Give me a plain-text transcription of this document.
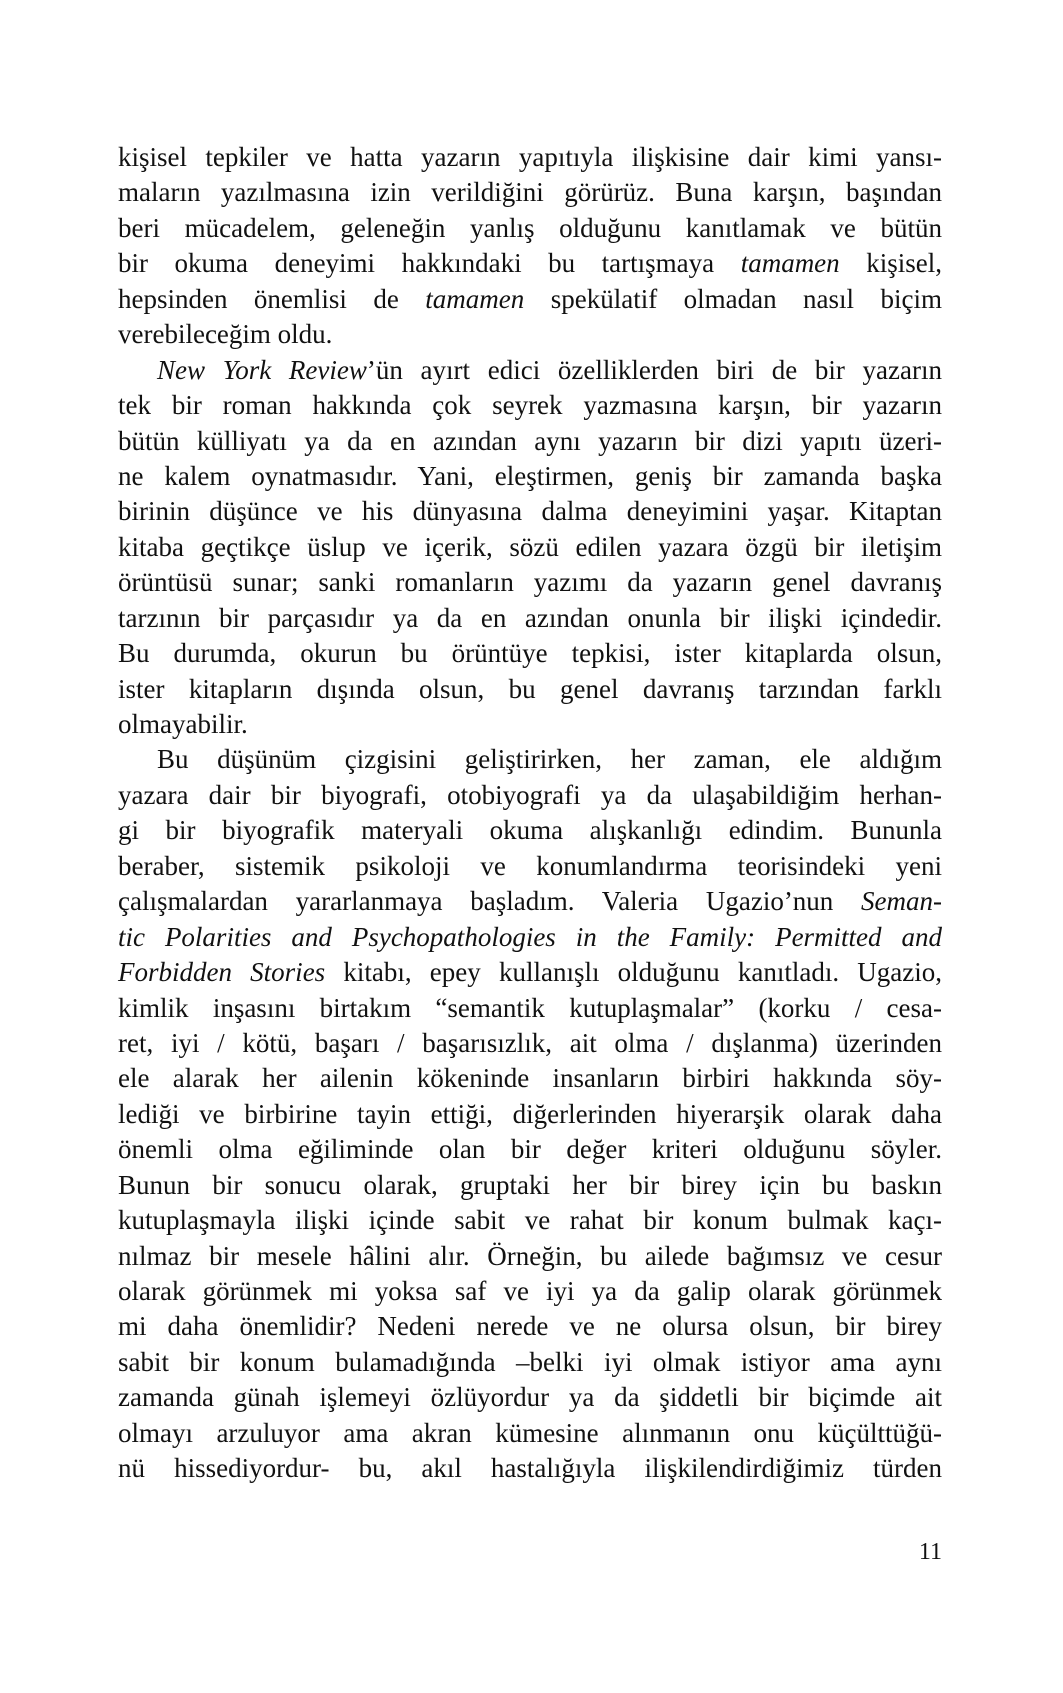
kişisel tepkiler ve hatta yazarın yapıtıyla ilişkisine dair kimi yansı-
maların yazılmasına izin verildiğini görürüz. Buna karşın, başından
beri mücadelem, geleneğin yanlış olduğunu kanıtlamak ve bütün
bir okuma deneyimi hakkındaki bu tartışmaya tamamen kişisel,
hepsinden önemlisi de tamamen spekülatif olmadan nasıl biçim
verebileceğim oldu.
New York Review’ün ayırt edici özelliklerden biri de bir yazarın
tek bir roman hakkında çok seyrek yazmasına karşın, bir yazarın
bütün külliyatı ya da en azından aynı yazarın bir dizi yapıtı üzeri-
ne kalem oynatmasıdır. Yani, eleştirmen, geniş bir zamanda başka
birinin düşünce ve his dünyasına dalma deneyimini yaşar. Kitaptan
kitaba geçtikçe üslup ve içerik, sözü edilen yazara özgü bir iletişim
örüntüsü sunar; sanki romanların yazımı da yazarın genel davranış
tarzının bir parçasıdır ya da en azından onunla bir ilişki içindedir.
Bu durumda, okurun bu örüntüye tepkisi, ister kitaplarda olsun,
ister kitapların dışında olsun, bu genel davranış tarzından farklı
olmayabilir.
Bu düşünüm çizgisini geliştirirken, her zaman, ele aldığım
yazara dair bir biyografi, otobiyografi ya da ulaşabildiğim herhan-
gi bir biyografik materyali okuma alışkanlığı edindim. Bununla
beraber, sistemik psikoloji ve konumlandırma teorisindeki yeni
çalışmalardan yararlanmaya başladım. Valeria Ugazio’nun Seman-
tic Polarities and Psychopathologies in the Family: Permitted and
Forbidden Stories kitabı, epey kullanışlı olduğunu kanıtladı. Ugazio,
kimlik inşasını birtakım “semantik kutuplaşmalar” (korku / cesa-
ret, iyi / kötü, başarı / başarısızlık, ait olma / dışlanma) üzerinden
ele alarak her ailenin kökeninde insanların birbiri hakkında söy-
lediği ve birbirine tayin ettiği, diğerlerinden hiyerarşik olarak daha
önemli olma eğiliminde olan bir değer kriteri olduğunu söyler.
Bunun bir sonucu olarak, gruptaki her bir birey için bu baskın
kutuplaşmayla ilişki içinde sabit ve rahat bir konum bulmak kaçı-
nılmaz bir mesele hâlini alır. Örneğin, bu ailede bağımsız ve cesur
olarak görünmek mi yoksa saf ve iyi ya da galip olarak görünmek
mi daha önemlidir? Nedeni nerede ve ne olursa olsun, bir birey
sabit bir konum bulamadığında –belki iyi olmak istiyor ama aynı
zamanda günah işlemeyi özlüyordur ya da şiddetli bir biçimde ait
olmayı arzuluyor ama akran kümesine alınmanın onu küçülttüğü-
nü hissediyordur- bu, akıl hastalığıyla ilişkilendirdiğimiz türden
11
